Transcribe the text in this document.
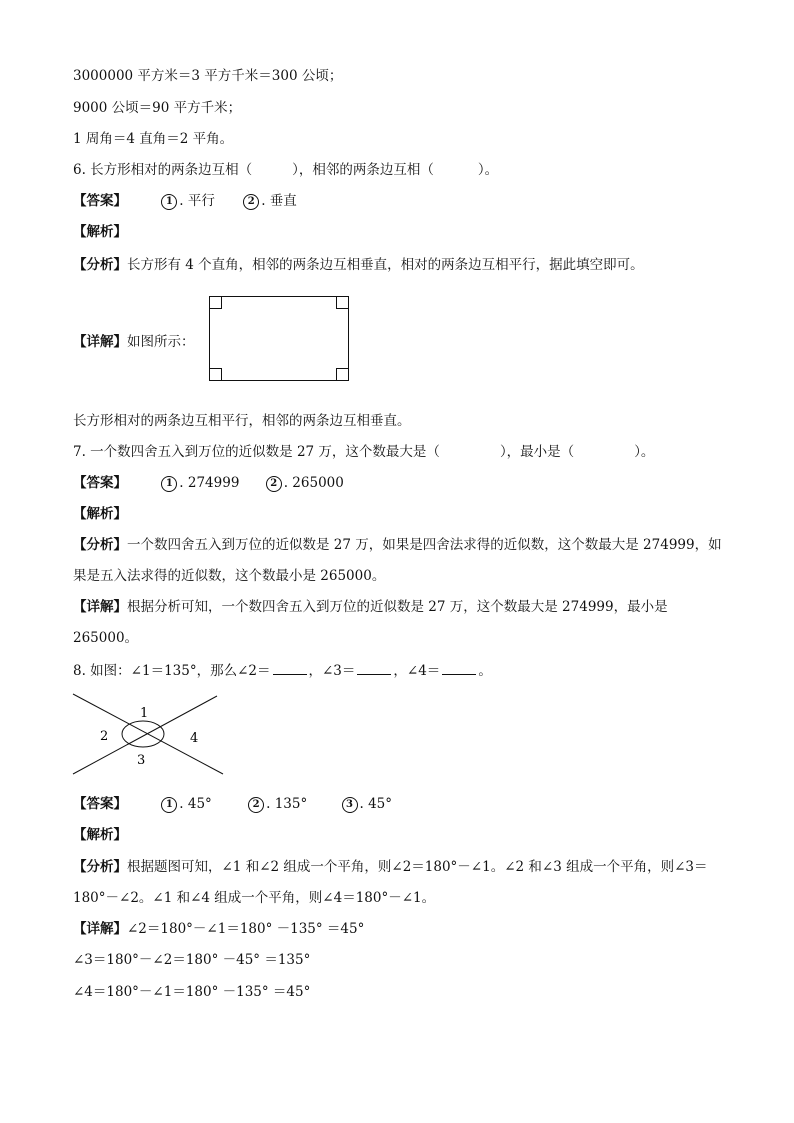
3000000 平方米＝3 平方千米＝300 公顷；
9000 公顷＝90 平方千米；
1 周角＝4 直角＝2 平角。
6. 长方形相对的两条边互相（	），相邻的两条边互相（	）。
【答案】	1 . 平行	2 . 垂直
【解析】
【分析】长方形有 4 个直角，相邻的两条边互相垂直，相对的两条边互相平行，据此填空即可。
【详解】如图所示：
长方形相对的两条边互相平行，相邻的两条边互相垂直。
7. 一个数四舍五入到万位的近似数是 27 万，这个数最大是（	），最小是（	）。
【答案】	1 . 274999	2 . 265000
【解析】
【分析】一个数四舍五入到万位的近似数是 27 万，如果是四舍法求得的近似数，这个数最大是 274999，如
果是五入法求得的近似数，这个数最小是 265000。
【详解】根据分析可知，一个数四舍五入到万位的近似数是 27 万，这个数最大是 274999，最小是
265000。
8. 如图：∠1＝135°，那么∠2＝	，∠3＝	，∠4＝	。
1
2
3
4
【答案】	1 . 45°	2 . 135°	3 . 45°
【解析】
【分析】根据题图可知，∠1 和∠2 组成一个平角，则∠2＝180°－∠1。∠2 和∠3 组成一个平角，则∠3＝
180°－∠2。∠1 和∠4 组成一个平角，则∠4＝180°－∠1。
【详解】∠2＝180°－∠1＝180° －135° ＝45°
∠3＝180°－∠2＝180° －45° ＝135°
∠4＝180°－∠1＝180° －135° ＝45°
